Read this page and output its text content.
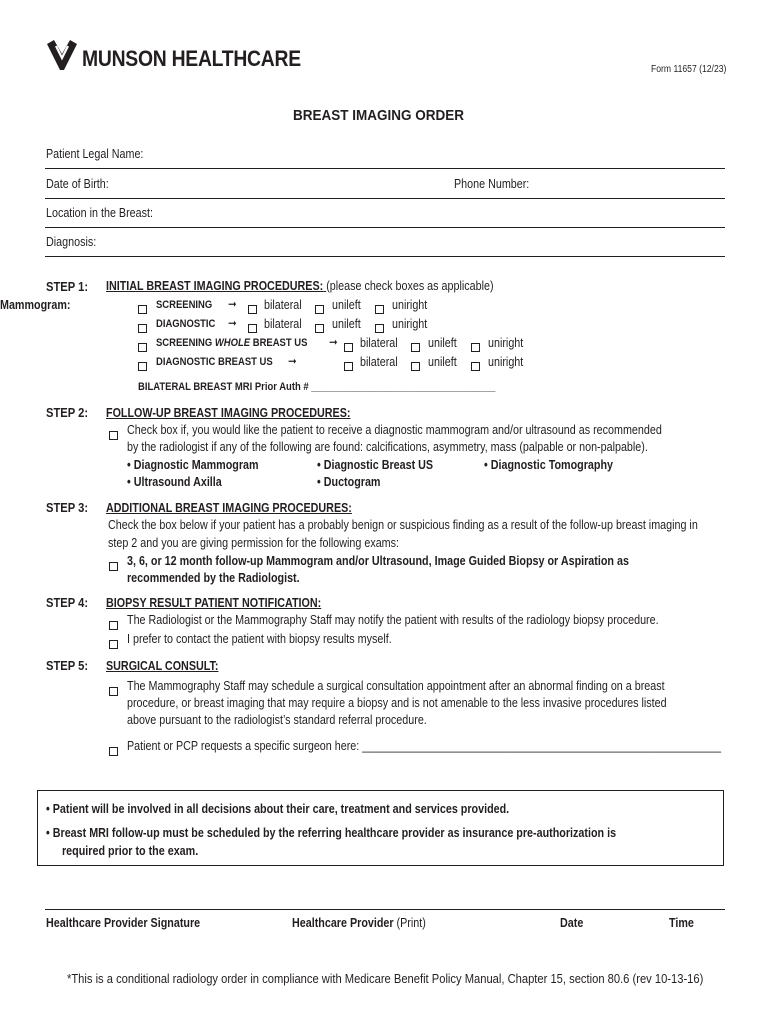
MUNSON HEALTHCARE	Form 11657 (12/23)
BREAST IMAGING ORDER
Patient Legal Name:
Date of Birth:	Phone Number:
Location in the Breast:
Diagnosis:
STEP 1: INITIAL BREAST IMAGING PROCEDURES: (please check boxes as applicable)
Mammogram:	SCREENING ➞ bilateral unileft	uniright
DIAGNOSTIC ➞ bilateral unileft	uniright
SCREENING WHOLE BREAST US ➞ bilateral unileft	uniright
DIAGNOSTIC BREAST US ➞	bilateral unileft	uniright
BILATERAL BREAST MRI Prior Auth # ___________________________________
STEP 2: FOLLOW-UP BREAST IMAGING PROCEDURES:
Check box if, you would like the patient to receive a diagnostic mammogram and/or ultrasound as recommended
by the radiologist if any of the following are found: calcifications, asymmetry, mass (palpable or non-palpable).
• Diagnostic Mammogram	• Diagnostic Breast US	• Diagnostic Tomography
• Ultrasound Axilla	• Ductogram
STEP 3: ADDITIONAL BREAST IMAGING PROCEDURES:
Check the box below if your patient has a probably benign or suspicious finding as a result of the follow-up breast imaging in
step 2 and you are giving permission for the following exams:
3, 6, or 12 month follow-up Mammogram and/or Ultrasound, Image Guided Biopsy or Aspiration as
recommended by the Radiologist.
STEP 4: BIOPSY RESULT PATIENT NOTIFICATION:
The Radiologist or the Mammography Staff may notify the patient with results of the radiology biopsy procedure.
I prefer to contact the patient with biopsy results myself.
STEP 5: SURGICAL CONSULT:
The Mammography Staff may schedule a surgical consultation appointment after an abnormal finding on a breast
procedure, or breast imaging that may require a biopsy and is not amenable to the less invasive procedures listed
above pursuant to the radiologist’s standard referral procedure.
Patient or PCP requests a specific surgeon here: ____________________________________________________________
• Patient will be involved in all decisions about their care, treatment and services provided.
• Breast MRI follow-up must be scheduled by the referring healthcare provider as insurance pre-authorization is
required prior to the exam.
Healthcare Provider Signature	Healthcare Provider (Print)	Date	Time
*This is a conditional radiology order in compliance with Medicare Benefit Policy Manual, Chapter 15, section 80.6 (rev 10-13-16)
